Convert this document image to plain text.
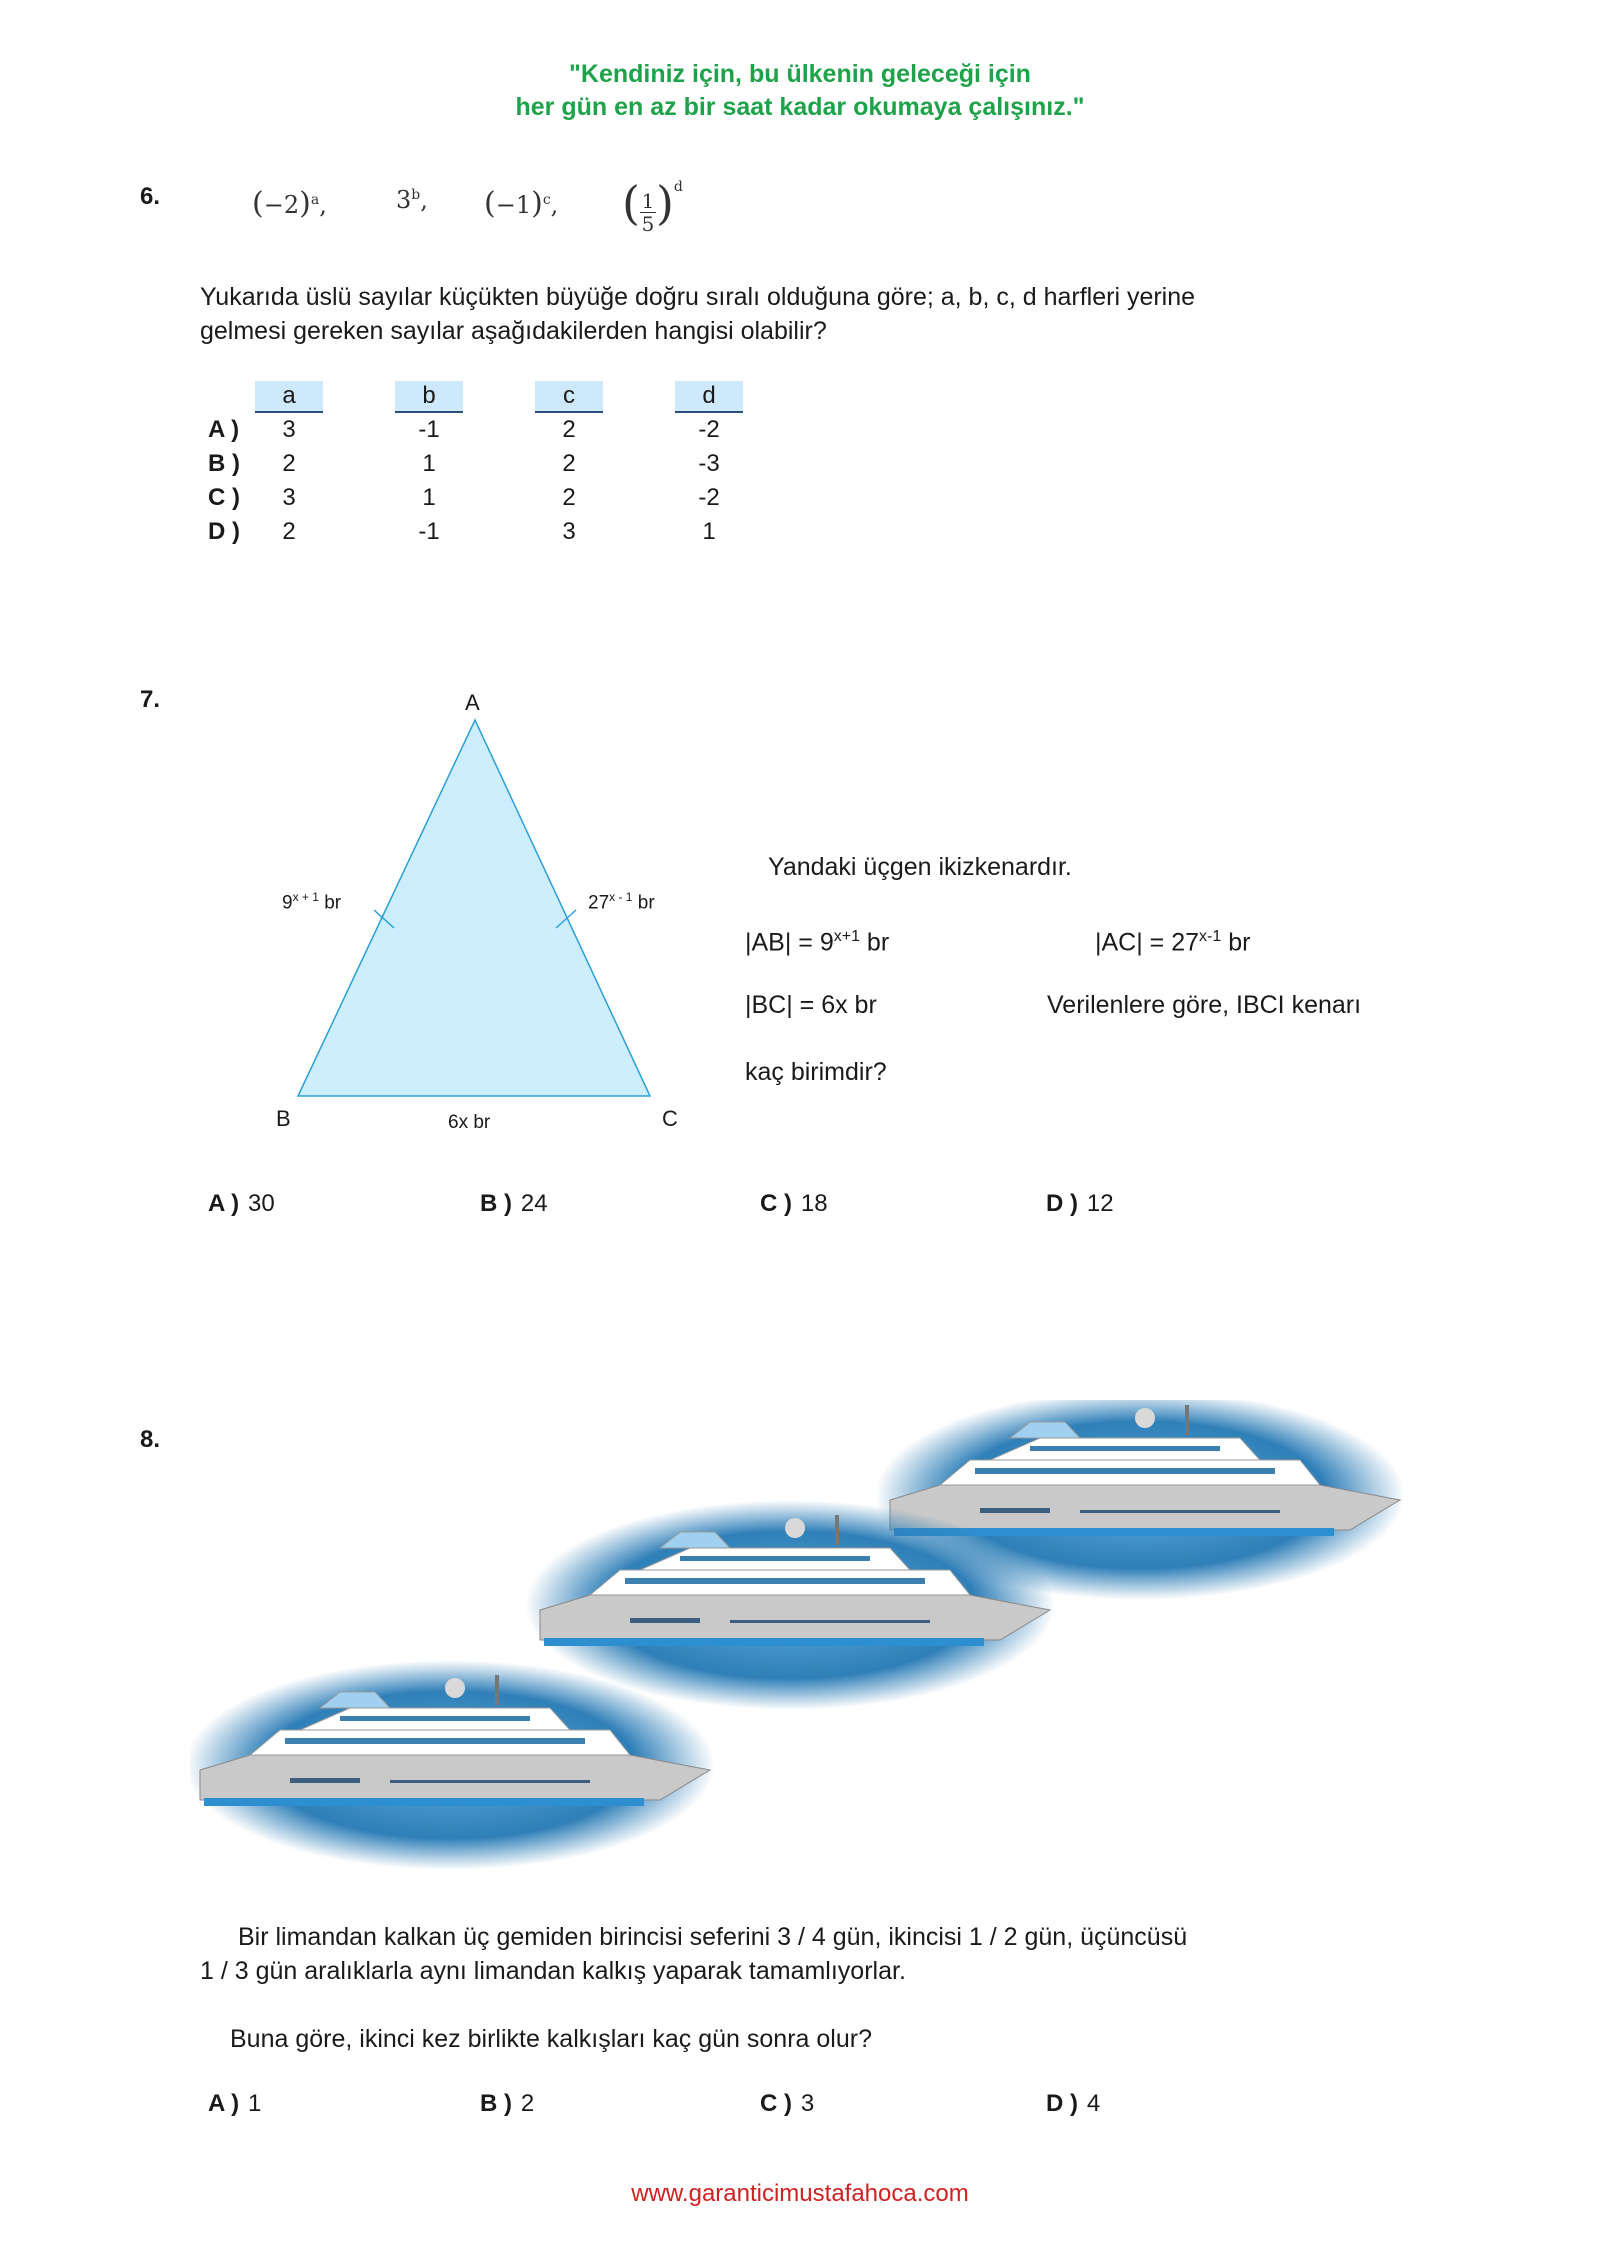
"Kendiniz için, bu ülkenin geleceği için
her gün en az bir saat kadar okumaya çalışınız."
6.	$(-2)^a$,	3$^b$, $(-1)^c$, ( $\frac{1}{5} )^d$
Yukarıda üslü sayılar küçükten büyüğe doğru sıralı olduğuna göre; a, b, c, d harfleri yerine
gelmesi gereken sayılar aşağıdakilerden hangisi olabilir?
a	b	c	d
A )	3	-1	2	-2
B )	2	1	2	-3
C )	3	1	2	-2
D )	2	-1	3	1
7.	A
B	C
$9^{x + 1}$ br	27$^{x - 1}$ br
6x br
Yandaki üçgen ikizkenardır.
$|AB| = 9^{x+1}$ br	$|AC| = 27^{x-1}$ br
|BC| = 6x br	Verilenlere göre, IBCI kenarı
kaç birimdir?
A ) 30	B ) 24	C ) 18	D ) 12
8.
Bir limandan kalkan üç gemiden birincisi seferini 3 / 4 gün, ikincisi 1 / 2 gün, üçüncüsü
1 / 3 gün aralıklarla aynı limandan kalkış yaparak tamamlıyorlar.
Buna göre, ikinci kez birlikte kalkışları kaç gün sonra olur?
A ) 1	B ) 2	C ) 3	D ) 4
www.garanticimustafahoca.com
